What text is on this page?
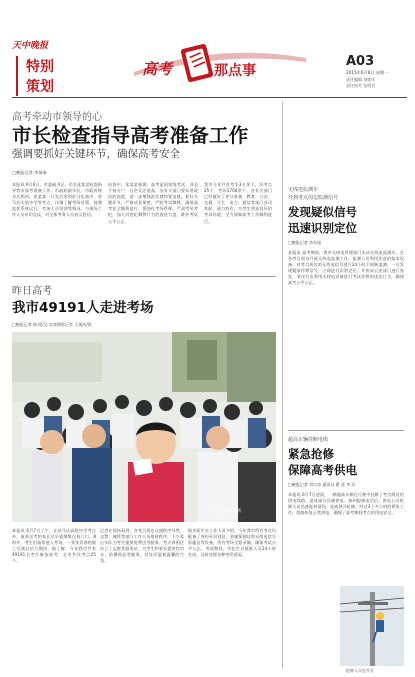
天中晚报
特别
策划
高考	那点事
A03
2015年6月8日 星期一
责任编辑 刘敏军
责任校对 张明君
高考牵动市领导的心
市长检查指导高考准备工作
强调要抓好关键环节，确保高考安全
□晚报记者 李瑞瑞
本报讯 6月6日，市委副书记、市长张某某检查指导我市高考准备工作。市政府副市长、市政府秘书长陪同。张某某一行先后来到驻马店高中、驻马店实验中学等考点，详细了解考场设置、视频监控系统运行、考务人员培训等情况，与现场工作人员亲切交谈，对全体考务人员表示慰问。
检查中，张某某强调，高考是国家级考试，涉及千家万户，社会关注度高。各有关部门要从讲政治的高度，进一步增强责任感和紧迫感，抓好关键环节，严格试卷保密，严防考试舞弊，确保高考安全顺利进行。要强化考场管理，严肃考风考纪，加大对违纪舞弊行为的查处力度，维护考试公平公正。
我市今年共有考生3万余人，设考点25个、考场1700余个。各有关部门已经做好了充分准备，教育、公安、交通、卫生、电力、通信等部门各司其职、通力协作，为考生营造良好的考试环境，全力保障高考工作顺利进行。
昨日高考
我市49191人走进考场
□晚报记者 杨 阳/文 首席摄影记者 王建成/图
考生进入考场
本报讯 6月7日上午，在驻马店高级中学考点外，前来送考的家长早早就聚集在校门口。8时许，考生们陆续进入考场，一张张青春的脸上写满自信与期待。据了解，今年我市共有49191名考生参加高考，全市共设考点25个。
记者在现场看到，各考点周边交通秩序井然，交警、城管等部门工作人员维持秩序，不少爱心车队为考生提供免费送考服务。考点周围还设立了志愿者服务站，为考生和家长提供饮用水、防暑药品等服务，处处洋溢着温馨的气氛。
据市招生办工作人员介绍，今年我市所有考点均配备了身份证识别仪、金属探测仪和无线电信号屏蔽仪等设备，所有考场全程录像，确保考试公平公正。考试期间，市招生办值班人员24小时在岗，及时处理各种突发情况。
无线电监测车
开到考点周边监测信号
发现疑似信号
迅速识别定位
□晚报记者 李东旭
本报讯 高考期间，我市无线电管理部门出动无线电监测车，在各考点周边开展无线电监测工作。监测人员利用先进的技术设备，对考点周边的无线电信号进行24小时不间断监测，一旦发现疑似作弊信号，立即进行识别定位，并协同公安部门进行查处，坚决打击利用无线电设备进行考试作弊的违法行为，确保高考公平公正。
超高车辆挂断电缆
紧急抢修
保障高考供电
□晚报记者 刘兴涛 通讯员 翟 涛 李 芳
本报讯 6月7日凌晨，一辆超高车辆在行驶中挂断了考点附近的供电线路，造成部分区域停电。接到报修电话后，供电公司抢修人员迅速赶到现场，连夜展开抢修，经过3个多小时的紧张工作，线路恢复正常供电，确保了高考期间考点的用电安全。
抢修人员在作业
